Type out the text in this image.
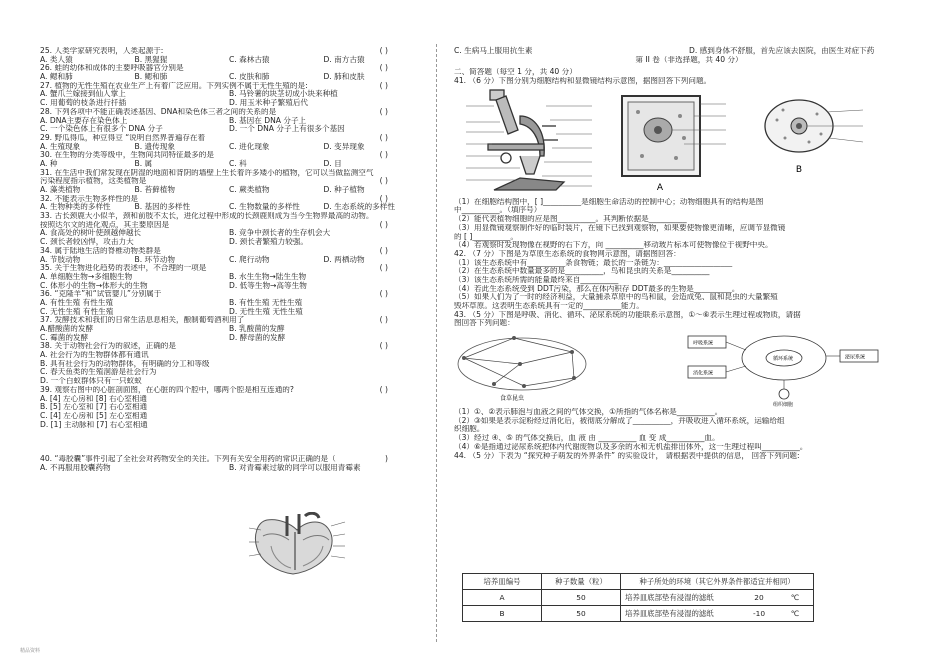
25. 人类学家研究表明，人类起源于:	( )
A. 类人猿	B. 黑猩猩	C. 森林古猿	D. 南方古猿
26. 蛙的幼体和成体的主要呼吸器官分别是	( )
A. 鳃和肺	B. 鳃和肺	C. 皮肤和肺	D. 肺和皮肤
27. 植物的无性生殖在农业生产上有着广泛应用。下列实例不属于无性生殖的是:	( )
A. 蟹爪兰嫁接到仙人掌上	B. 马铃薯的块茎切成小块来种植
C. 用葡萄的枝条进行扦插	D. 用玉米种子繁殖后代
28. 下列各项中不能正确表述基因、DNA和染色体三者之间的关系的是	( )
A. DNA主要存在染色体上	B. 基因在 DNA 分子上
C. 一个染色体上有很多个 DNA 分子	D. 一个 DNA 分子上有很多个基因
29. 野瓜得瓜，种豆得豆 “说明自然界普遍存在着	( )
A. 生殖现象	B. 遗传现象	C. 进化现象	D. 变异现象
30. 在生物的分类等级中，生物间共同特征最多的是	( )
A. 种	B. 属	C. 科	D. 目
31. 在生活中我们常发现在阴湿的地面和背阴的墙壁上生长着许多矮小的植物，它可以当做监测空气
污染程度指示植物，这类植物是	( )
A. 藻类植物	B. 苔藓植物	C. 蕨类植物	D. 种子植物
32. 不能表示生物多样性的是	( )
A. 生物种类的多样性	B. 基因的多样性	C. 生物数量的多样性	D. 生态系统的多样性
33. 古长颈鹿大小似羊，颈和前肢不太长，进化过程中形成的长颈鹿则成为当今生物界最高的动物。
按照达尔文的进化观点，其主要原因是	( )
A. 食高处的树叶使颈越伸越长	B. 竞争中颈长者的生存机会大
C. 颈长者较凶悍，攻击力大	D. 颈长者繁殖力较强。
34. 属于陆地生活的脊椎动物类群是	( )
A. 节肢动物	B. 环节动物	C. 爬行动物	D. 两栖动物
35. 关于生物进化趋势的表述中，不合理的一项是	( )
A. 单细胞生物→多细胞生物	B. 水生生物→陆生生物
C. 体形小的生物→体形大的生物	D. 低等生物→高等生物
36. “克隆羊”和“试管婴儿”分别属于	( )
A. 有性生殖 有性生殖	B. 有性生殖 无性生殖
C. 无性生殖 有性生殖	D. 无性生殖 无性生殖
37. 发酵技术和我们的日常生活息息相关，酿制葡萄酒利用了	( )
A.醋酸菌的发酵	B. 乳酸菌的发酵
C. 霉菌的发酵	D. 酵母菌的发酵
38. 关于动物社会行为的叙述，正确的是	( )
A. 社会行为的生物群体都有通讯
B. 具有社会行为的动物群体，有明确的分工和等级
C. 春天鱼类的生殖洄游是社会行为
D. 一个白蚁群体只有一只蚁蚁
39. 观察右图中的心脏剖面图，在心脏的四个腔中，哪两个腔是相互连通的?	( )
A. [4] 左心房和 [8] 右心室相通
B. [5] 左心室和 [7] 右心室相通
C. [4] 左心房和 [5] 左心室相通
D. [1] 主动脉和 [7] 右心室相通
40. “毒胶囊”事件引起了全社会对药物安全的关注。下列有关安全用药的常识正确的是（	)
A. 不再服用胶囊药物	B. 对青霉素过敏的同学可以服用青霉素
C. 生病马上服用抗生素	D. 感到身体不舒服，首先应该去医院，由医生对症下药
第 II 卷（非选择题，共 40 分）
二、简答题（每空 1 分，共 40 分）
41. （6 分）下图分别为细胞结构和显微镜结构示意图，据图回答下列问题。
A
B
（1）在细胞结构图中，[ ]__________是细胞生命活动的控制中心；动物细胞具有的结构是图
中__________。（填序号）
（2）能代表植物细胞的应是图__________。其判断依据是__________
（3）用显微镜观察制作好的临时装片，在镜下已找到观察物，如果要使物像更清晰，应调节显微镜
的 [ ]__________。
（4）若观察时发现物像在视野的右下方，向 __________移动玻片标本可使物像位于视野中央。
42. （7 分）下图是为草原生态系统的食物网示意图，请据图回答：
（1）该生态系统中有__________条食物链；最长的一条链为：__________________
（2）在生态系统中数量最多的是__________，鸟和昆虫的关系是__________
（3）该生态系统所需的能量最终来自__________
（4）若此生态系统受到 DDT污染，那么在体内积存 DDT最多的生物是__________。
（5）如果人们为了一时的经济利益，大量捕杀草原中的鸟和鼠，会造成兔、鼠和昆虫的大量繁殖
毁坏草原。这表明生态系统具有一定的__________能力。
43. （5 分）下图是呼吸、消化、循环、泌尿系统的功能联系示意图，①～⑥表示生理过程或物质，请据
图回答下列问题：
食草昆虫
呼吸系统
消化系统
循环系统	泌尿系统
组织细胞
（1）①、②表示肺泡与血液之间的气体交换，①所指的气体名称是__________。
（2）③如果是表示淀粉经过消化后，被彻底分解成了__________，并吸收进入循环系统，运输给组
织细胞。
（3）经过 ④、⑤ 的气体交换后，血 液 由 __________ 血 变 成__________血。
（4）⑥是指通过泌尿系统把体内代谢废物以及多余的水和无机盐排出体外，这一生理过程叫__________。
44. （5 分）下表为 “探究种子萌发的外界条件” 的实验设计， 请根据表中提供的信息， 回答下列问题:
培养皿编号	种子数量（粒）	种子所处的环境（其它外界条件都适宜并相同）		
A	50	培养皿底部垫有浸湿的滤纸	20	℃
B	50	培养皿底部垫有浸湿的滤纸	-10	℃
精品资料
